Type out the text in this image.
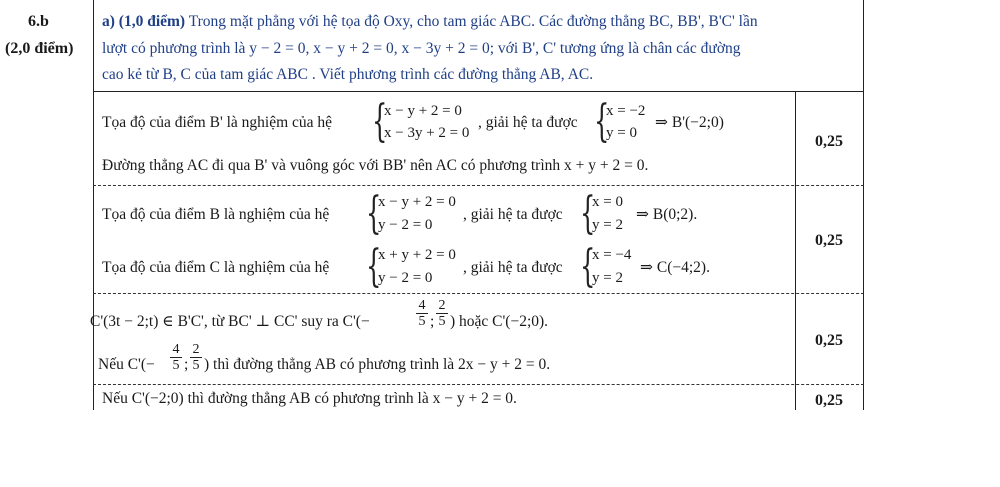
6.b
(2,0 điểm)
a) (1,0 điểm) Trong mặt phẳng với hệ tọa độ Oxy, cho tam giác ABC. Các đường thẳng BC, BB', B'C' lần
lượt có phương trình là y − 2 = 0, x − y + 2 = 0, x − 3y + 2 = 0; với B', C' tương ứng là chân các đường
cao kẻ từ B, C của tam giác ABC . Viết phương trình các đường thẳng AB, AC.
Tọa độ của điểm B' là nghiệm của hệ {
x − y + 2 = 0
x − 3y + 2 = 0
, giải hệ ta được {
x = −2
y = 0
⇒ B'(−2;0)
Đường thẳng AC đi qua B' và vuông góc với BB' nên AC có phương trình x + y + 2 = 0.
Tọa độ của điểm B là nghiệm của hệ {
x − y + 2 = 0
y − 2 = 0
, giải hệ ta được {
x = 0
y = 2
⇒ B(0;2).
Tọa độ của điểm C là nghiệm của hệ {
x + y + 2 = 0
y − 2 = 0
, giải hệ ta được {
x = −4
y = 2
⇒ C(−4;2).
C'(3t − 2;t) ∈ B'C', từ BC' ⊥ CC' suy ra C'(−	$\frac{4}{5}$ ; $\frac{2}{5}$ ) hoặc C'(−2;0).
Nếu $C'(- \frac{4}{5}$ ; $\frac{2}{5}$ ) thì đường thẳng AB có phương trình là 2x − y + 2 = 0.
Nếu C'(−2;0) thì đường thẳng AB có phương trình là x − y + 2 = 0.
0,25
0,25
0,25
0,25
